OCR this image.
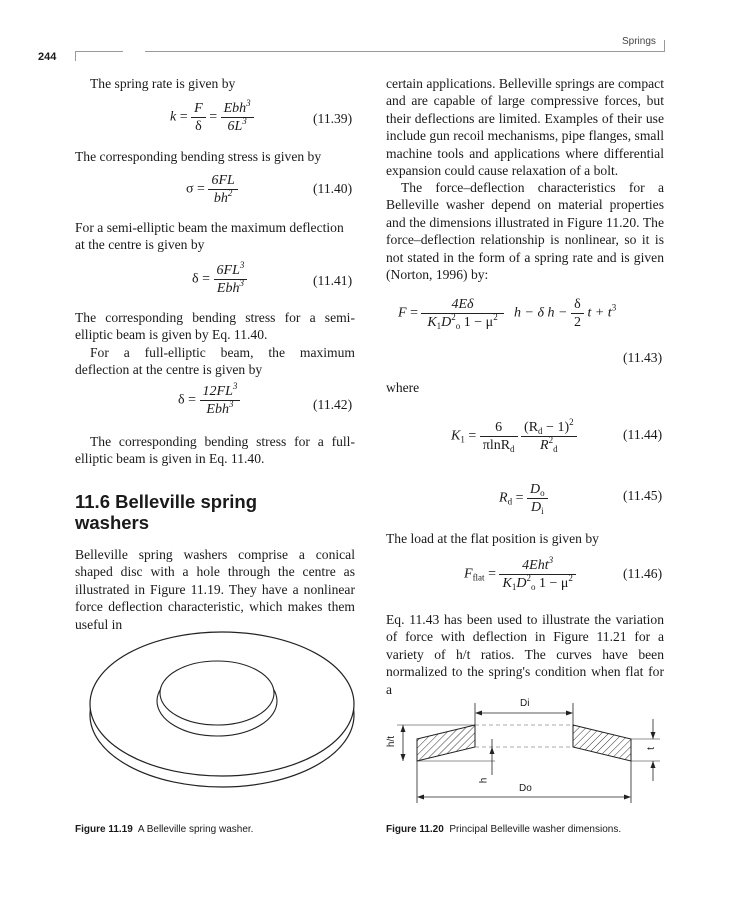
244
Springs
The spring rate is given by
$k = \frac{F}{\delta} = \frac{Ebh^3}{6L^3}$	(11.39)
The corresponding bending stress is given by
$\sigma = \frac{6FL}{bh^2}$	(11.40)
For a semi-elliptic beam the maximum deflection at the centre is given by
$\delta = \frac{6FL^3}{Ebh^3}$	(11.41)
The corresponding bending stress for a semi-elliptic beam is given by Eq. 11.40.
For a full-elliptic beam, the maximum deflection at the centre is given by
$\delta = \frac{12FL^3}{Ebh^3}$	(11.42)
The corresponding bending stress for a full-elliptic beam is given in Eq. 11.40.
11.6 Belleville spring washers
Belleville spring washers comprise a conical shaped disc with a hole through the centre as illustrated in Figure 11.19. They have a nonlinear force deflection characteristic, which makes them useful in
Figure 11.19 A Belleville spring washer.
certain applications. Belleville springs are compact and are capable of large compressive forces, but their deflections are limited. Examples of their use include gun recoil mechanisms, pipe flanges, small machine tools and applications where differential expansion could cause relaxation of a bolt.
The force–deflection characteristics for a Belleville washer depend on material properties and the dimensions illustrated in Figure 11.20. The force–deflection relationship is nonlinear, so it is not stated in the form of a spring rate and is given (Norton, 1996) by:
$F = \frac{4E\delta}{K_1D^2_o 1 - \mu^2}$ h − δ $h - \frac{\delta}{2}$ $t + t^3$
(11.43)
where
$K_1 = \frac{6}{\pi\ln R_d}$
$\frac{(R_d - 1)^2}{R^2_d}$	(11.44)
$R_d = \frac{D_o}{D_i}$	(11.45)
The load at the flat position is given by
$F_{flat} = \frac{4Eht^3}{K_1D^2_o 1 - \mu^2}$	(11.46)
Eq. 11.43 has been used to illustrate the variation of force with deflection in Figure 11.21 for a variety of h/t ratios. The curves have been normalized to the spring's condition when flat for a
Di
Do
h/t
h
t
Figure 11.20 Principal Belleville washer dimensions.
